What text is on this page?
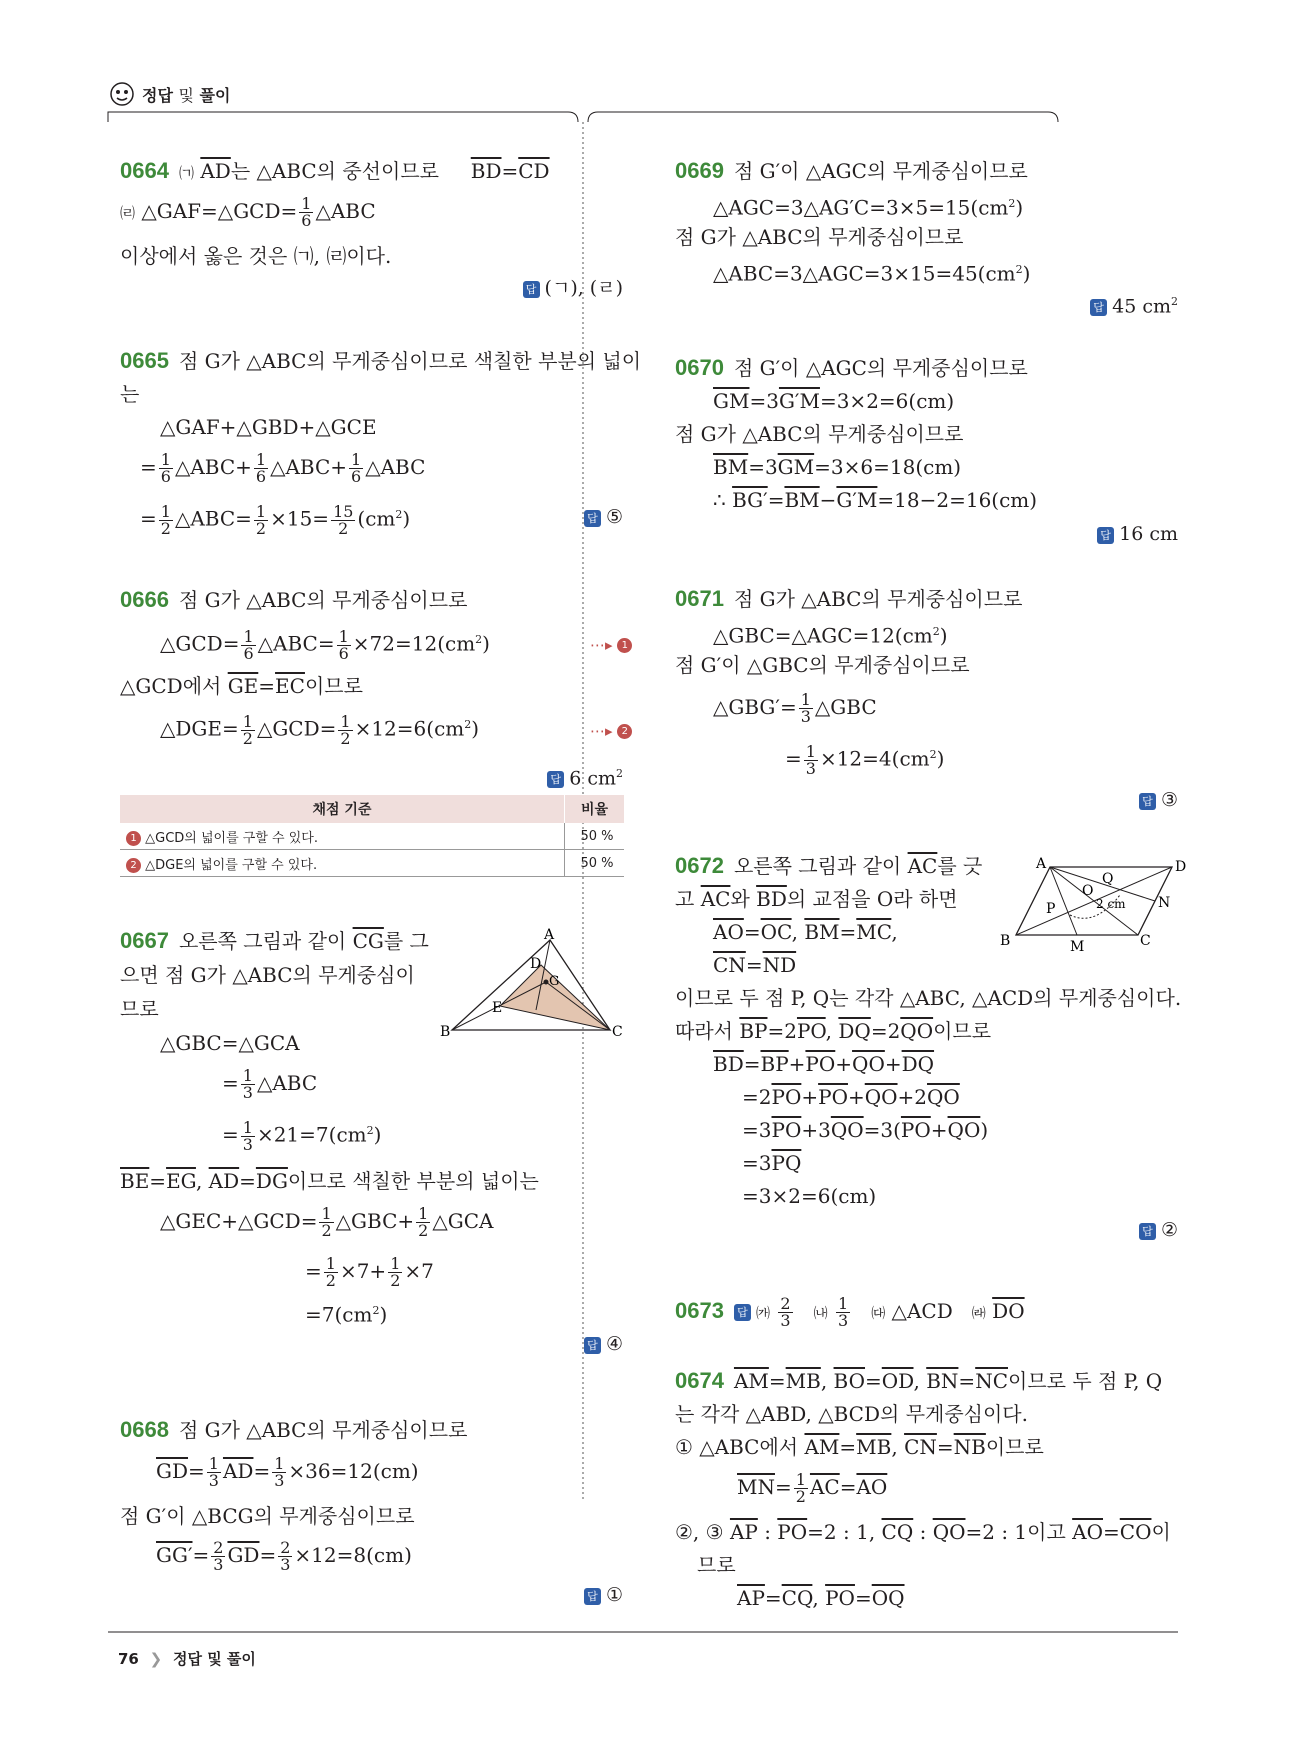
정답 및 풀이
0664 ㈀ $\overline{AD}$는 △ABC의 중선이므로     $\overline{BD}=\overline{CD}$
㈃ △GAF=△GCD= $\frac{1}{6}$ △ABC
이상에서 옳은 것은 ㈀, ㈃이다.
답 (ㄱ), (ㄹ)
0665 점 G가 △ABC의 무게중심이므로 색칠한 부분의 넓이
는
△GAF+△GBD+△GCE
= $\frac{1}{6}$ △ABC+ $\frac{1}{6}$ △ABC+ $\frac{1}{6}$ △ABC
= $\frac{1}{2}$ △ABC= $\frac{1}{2} \times 15= \frac{15}{2} (cm^2)$	답 ⑤
0666 점 G가 △ABC의 무게중심이므로
△GCD= $\frac{1}{6}$ △ABC= $\frac{1}{6} \times 72=12(cm^2)$	⋯▸ 1
△GCD에서 $\overline{GE}=\overline{EC}$이므로
△DGE= $\frac{1}{2}$ △GCD= $\frac{1}{2} \times 12=6(cm^2)$	⋯▸ 2
답 6 $cm^2$
채점 기준	비율
1 △GCD의 넓이를 구할 수 있다.	50 %
2 △DGE의 넓이를 구할 수 있다.	50 %
0667 오른쪽 그림과 같이 $\overline{CG}$를 그
으면 점 G가 △ABC의 무게중심이
므로
△GBC=△GCA
= $\frac{1}{3}$ △ABC
= $\frac{1}{3} \times 21=7(cm^2)$
$\overline{BE}=\overline{EG}$, $\overline{AD}=\overline{DG}$이므로 색칠한 부분의 넓이는
△GEC+△GCD= $\frac{1}{2}$ △GBC+ $\frac{1}{2}$ △GCA
= $\frac{1}{2} \times 7+ \frac{1}{2} \times 7$
$=7(cm^2)$
답 ④
A
B	C
D
E
G
0668 점 G가 △ABC의 무게중심이므로
$\overline{GD}= \frac{1}{3} \overline{AD}= \frac{1}{3} \times 36=12(cm)$
점 G′이 △BCG의 무게중심이므로
$GG'= \frac{2}{3} \overline{GD}= \frac{2}{3} \times 12=8(cm)$
답 ①
0669 점 G′이 △AGC의 무게중심이므로
$\triangle AGC=3\triangle AG'C=3\times 5=15(cm^2)$
점 G가 △ABC의 무게중심이므로
$\triangle ABC=3\triangle AGC=3\times 15=45(cm^2)$
답 45 $cm^2$
0670 점 G′이 △AGC의 무게중심이므로
$\overline{GM}=3G'M=3\times 2=6(cm)$
점 G가 △ABC의 무게중심이므로
$\overline{BM}=3\overline{GM}=3\times 6=18(cm)$
∴ $BG'=\overline{BM}-G'M=18-2=16(cm)$
답 16 cm
0671 점 G가 △ABC의 무게중심이므로
$\triangle GBC=\triangle AGC=12(cm^2)$
점 G′이 △GBC의 무게중심이므로
△GBG′= $\frac{1}{3}$ △GBC
= $\frac{1}{3} \times 12=4(cm^2)$
답 ③
0672 오른쪽 그림과 같이 $\overline{AC}$를 긋
고 $\overline{AC}$와 $\overline{BD}$의 교점을 O라 하면
$\overline{AO}=\overline{OC}$, $\overline{BM}=\overline{MC}$,
$\overline{CN}=\overline{ND}$
이므로 두 점 P, Q는 각각 △ABC, △ACD의 무게중심이다.
따라서 $\overline{BP}=2\overline{PO}$, $\overline{DQ}=2\overline{QO}$이므로
$\overline{BD}=\overline{BP}+\overline{PO}+\overline{QO}+\overline{DQ}$
$=2\overline{PO}+\overline{PO}+\overline{QO}+2\overline{QO}$
$=3\overline{PO}+3\overline{QO}=3(\overline{PO}+\overline{QO})$
$=3\overline{PQ}$
=3×2=6(cm)
답 ②
A
B	C
D
M
N
O
P
Q
2 cm
0673 답 ㈎ $\frac{2}{3}$ ㈏ $\frac{1}{3}$ ㈐ △ACD   ㈑ $\overline{DO}$
0674 $\overline{AM}=\overline{MB}$, $\overline{BO}=\overline{OD}$, $\overline{BN}=\overline{NC}$이므로 두 점 P, Q
는 각각 △ABD, △BCD의 무게중심이다.
① △ABC에서 $\overline{AM}=\overline{MB}$, $\overline{CN}=\overline{NB}$이므로
$\overline{MN}= \frac{1}{2} \overline{AC}=\overline{AO}$
②, ③ $\overline{AP}$ : $\overline{PO}=2$ : 1, $\overline{CQ}$ : $\overline{QO}=2$ : 1이고 $\overline{AO}=\overline{CO}$이
므로
$\overline{AP}=\overline{CQ}$, $\overline{PO}=\overline{OQ}$
76 ❯ 정답 및 풀이
